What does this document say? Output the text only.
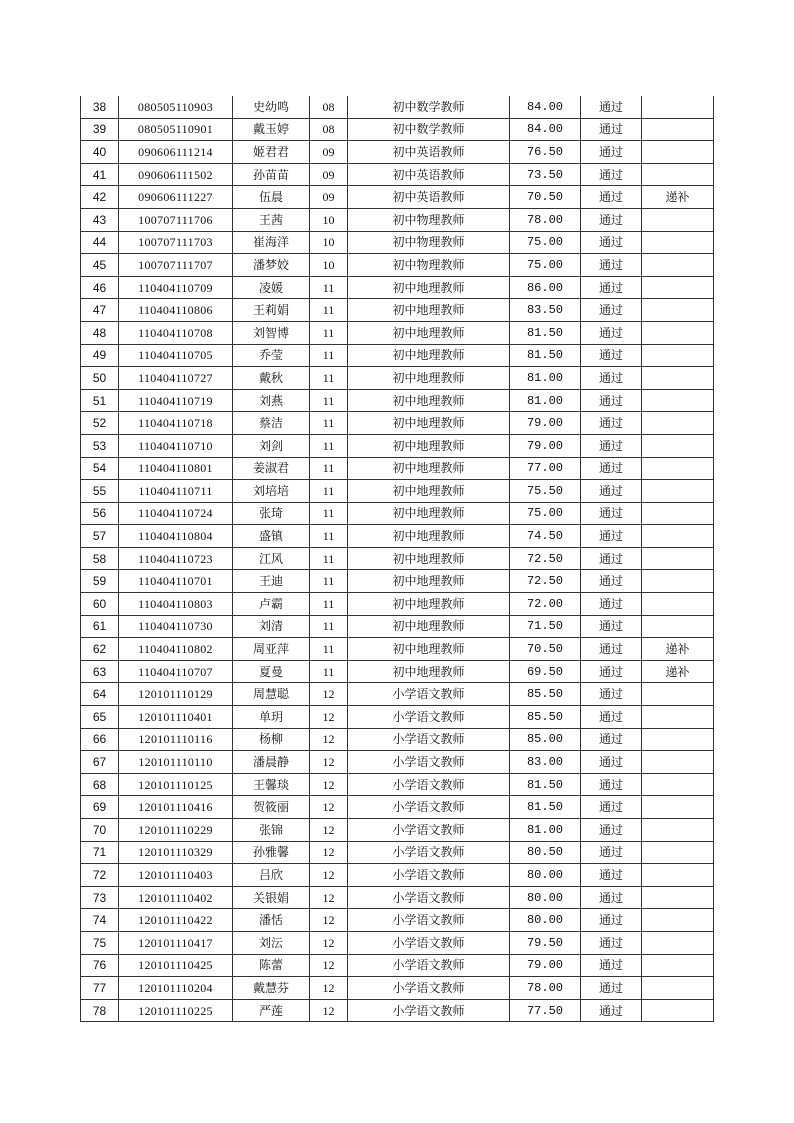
38	080505110903	史幼鸣	08	初中数学教师	84.00	通过	
39	080505110901	戴玉婷	08	初中数学教师	84.00	通过	
40	090606111214	姬君君	09	初中英语教师	76.50	通过	
41	090606111502	孙苗苗	09	初中英语教师	73.50	通过	
42	090606111227	伍晨	09	初中英语教师	70.50	通过	递补
43	100707111706	王茜	10	初中物理教师	78.00	通过	
44	100707111703	崔海洋	10	初中物理教师	75.00	通过	
45	100707111707	潘梦姣	10	初中物理教师	75.00	通过	
46	110404110709	凌媛	11	初中地理教师	86.00	通过	
47	110404110806	王莉娟	11	初中地理教师	83.50	通过	
48	110404110708	刘智博	11	初中地理教师	81.50	通过	
49	110404110705	乔莹	11	初中地理教师	81.50	通过	
50	110404110727	戴秋	11	初中地理教师	81.00	通过	
51	110404110719	刘燕	11	初中地理教师	81.00	通过	
52	110404110718	蔡洁	11	初中地理教师	79.00	通过	
53	110404110710	刘剑	11	初中地理教师	79.00	通过	
54	110404110801	姜淑君	11	初中地理教师	77.00	通过	
55	110404110711	刘培培	11	初中地理教师	75.50	通过	
56	110404110724	张琦	11	初中地理教师	75.00	通过	
57	110404110804	盛镇	11	初中地理教师	74.50	通过	
58	110404110723	江风	11	初中地理教师	72.50	通过	
59	110404110701	王迪	11	初中地理教师	72.50	通过	
60	110404110803	卢霸	11	初中地理教师	72.00	通过	
61	110404110730	刘清	11	初中地理教师	71.50	通过	
62	110404110802	周亚萍	11	初中地理教师	70.50	通过	递补
63	110404110707	夏曼	11	初中地理教师	69.50	通过	递补
64	120101110129	周慧聪	12	小学语文教师	85.50	通过	
65	120101110401	单玥	12	小学语文教师	85.50	通过	
66	120101110116	杨柳	12	小学语文教师	85.00	通过	
67	120101110110	潘晨静	12	小学语文教师	83.00	通过	
68	120101110125	王馨琰	12	小学语文教师	81.50	通过	
69	120101110416	贺筱丽	12	小学语文教师	81.50	通过	
70	120101110229	张锦	12	小学语文教师	81.00	通过	
71	120101110329	孙雅馨	12	小学语文教师	80.50	通过	
72	120101110403	吕欣	12	小学语文教师	80.00	通过	
73	120101110402	关银娟	12	小学语文教师	80.00	通过	
74	120101110422	潘恬	12	小学语文教师	80.00	通过	
75	120101110417	刘沄	12	小学语文教师	79.50	通过	
76	120101110425	陈蕾	12	小学语文教师	79.00	通过	
77	120101110204	戴慧芬	12	小学语文教师	78.00	通过	
78	120101110225	严莲	12	小学语文教师	77.50	通过	
